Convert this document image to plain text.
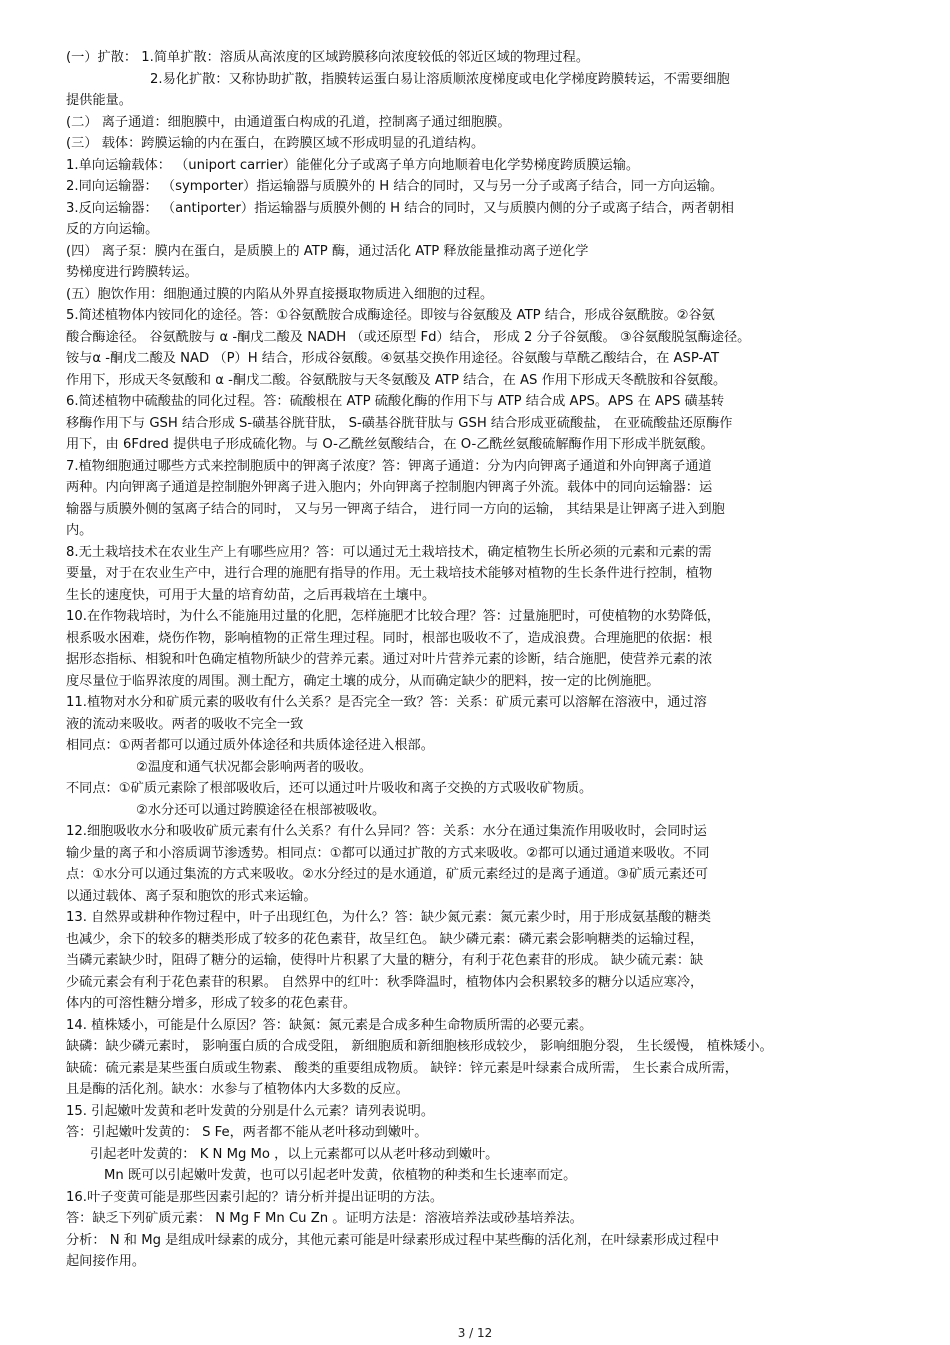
(一）扩散： 1.简单扩散：溶质从高浓度的区域跨膜移向浓度较低的邻近区域的物理过程。
2.易化扩散：又称协助扩散，指膜转运蛋白易让溶质顺浓度梯度或电化学梯度跨膜转运，不需要细胞
提供能量。
(二） 离子通道：细胞膜中，由通道蛋白构成的孔道，控制离子通过细胞膜。
(三） 载体：跨膜运输的内在蛋白，在跨膜区域不形成明显的孔道结构。
1.单向运输载体： （uniport carrier）能催化分子或离子单方向地顺着电化学势梯度跨质膜运输。
2.同向运输器： （symporter）指运输器与质膜外的 H 结合的同时，又与另一分子或离子结合，同一方向运输。
3.反向运输器： （antiporter）指运输器与质膜外侧的 H 结合的同时，又与质膜内侧的分子或离子结合，两者朝相
反的方向运输。
(四） 离子泵：膜内在蛋白，是质膜上的 ATP 酶，通过活化 ATP 释放能量推动离子逆化学
势梯度进行跨膜转运。
(五）胞饮作用：细胞通过膜的内陷从外界直接摄取物质进入细胞的过程。
5.简述植物体内铵同化的途径。答：①谷氨酰胺合成酶途径。即铵与谷氨酸及 ATP 结合，形成谷氨酰胺。②谷氨
酸合酶途径。 谷氨酰胺与 α -酮戊二酸及 NADH （或还原型 Fd）结合， 形成 2 分子谷氨酸。 ③谷氨酸脱氢酶途径。
铵与α -酮戊二酸及 NAD （P）H 结合，形成谷氨酸。④氨基交换作用途径。谷氨酸与草酰乙酸结合，在 ASP-AT
作用下，形成天冬氨酸和 α -酮戊二酸。谷氨酰胺与天冬氨酸及 ATP 结合，在 AS 作用下形成天冬酰胺和谷氨酸。
6.简述植物中硫酸盐的同化过程。答：硫酸根在 ATP 硫酸化酶的作用下与 ATP 结合成 APS。APS 在 APS 磺基转
移酶作用下与 GSH 结合形成 S-磺基谷胱苷肽， S-磺基谷胱苷肽与 GSH 结合形成亚硫酸盐， 在亚硫酸盐还原酶作
用下，由 6Fdred 提供电子形成硫化物。与 O-乙酰丝氨酸结合，在 O-乙酰丝氨酸硫解酶作用下形成半胱氨酸。
7.植物细胞通过哪些方式来控制胞质中的钾离子浓度？答：钾离子通道：分为内向钾离子通道和外向钾离子通道
两种。内向钾离子通道是控制胞外钾离子进入胞内；外向钾离子控制胞内钾离子外流。载体中的同向运输器：运
输器与质膜外侧的氢离子结合的同时， 又与另一钾离子结合， 进行同一方向的运输， 其结果是让钾离子进入到胞
内。
8.无土栽培技术在农业生产上有哪些应用？答：可以通过无土栽培技术，确定植物生长所必须的元素和元素的需
要量，对于在农业生产中，进行合理的施肥有指导的作用。无土栽培技术能够对植物的生长条件进行控制，植物
生长的速度快，可用于大量的培育幼苗，之后再栽培在土壤中。
10.在作物栽培时，为什么不能施用过量的化肥，怎样施肥才比较合理？答：过量施肥时，可使植物的水势降低，
根系吸水困难，烧伤作物，影响植物的正常生理过程。同时，根部也吸收不了，造成浪费。合理施肥的依据：根
据形态指标、相貌和叶色确定植物所缺少的营养元素。通过对叶片营养元素的诊断，结合施肥，使营养元素的浓
度尽量位于临界浓度的周围。测土配方，确定土壤的成分，从而确定缺少的肥料，按一定的比例施肥。
11.植物对水分和矿质元素的吸收有什么关系？是否完全一致？答：关系：矿质元素可以溶解在溶液中，通过溶
液的流动来吸收。两者的吸收不完全一致
相同点：①两者都可以通过质外体途径和共质体途径进入根部。
②温度和通气状况都会影响两者的吸收。
不同点：①矿质元素除了根部吸收后，还可以通过叶片吸收和离子交换的方式吸收矿物质。
②水分还可以通过跨膜途径在根部被吸收。
12.细胞吸收水分和吸收矿质元素有什么关系？有什么异同？答：关系：水分在通过集流作用吸收时，会同时运
输少量的离子和小溶质调节渗透势。相同点：①都可以通过扩散的方式来吸收。②都可以通过通道来吸收。不同
点：①水分可以通过集流的方式来吸收。②水分经过的是水通道，矿质元素经过的是离子通道。③矿质元素还可
以通过载体、离子泵和胞饮的形式来运输。
13. 自然界或耕种作物过程中，叶子出现红色，为什么？答：缺少氮元素：氮元素少时，用于形成氨基酸的糖类
也减少，余下的较多的糖类形成了较多的花色素苷，故呈红色。 缺少磷元素：磷元素会影响糖类的运输过程，
当磷元素缺少时，阻碍了糖分的运输，使得叶片积累了大量的糖分，有利于花色素苷的形成。 缺少硫元素：缺
少硫元素会有利于花色素苷的积累。 自然界中的红叶：秋季降温时，植物体内会积累较多的糖分以适应寒冷，
体内的可溶性糖分增多，形成了较多的花色素苷。
14. 植株矮小，可能是什么原因？答：缺氮：氮元素是合成多种生命物质所需的必要元素。
缺磷：缺少磷元素时， 影响蛋白质的合成受阻， 新细胞质和新细胞核形成较少， 影响细胞分裂， 生长缓慢， 植株矮小。
缺硫：硫元素是某些蛋白质或生物素、 酸类的重要组成物质。 缺锌：锌元素是叶绿素合成所需， 生长素合成所需，
且是酶的活化剂。缺水：水参与了植物体内大多数的反应。
15. 引起嫩叶发黄和老叶发黄的分别是什么元素？请列表说明。
答：引起嫩叶发黄的： S Fe，两者都不能从老叶移动到嫩叶。
引起老叶发黄的： K N Mg Mo ，以上元素都可以从老叶移动到嫩叶。
Mn 既可以引起嫩叶发黄，也可以引起老叶发黄，依植物的种类和生长速率而定。
16.叶子变黄可能是那些因素引起的？请分析并提出证明的方法。
答：缺乏下列矿质元素： N Mg F Mn Cu Zn 。证明方法是：溶液培养法或砂基培养法。
分析： N 和 Mg 是组成叶绿素的成分，其他元素可能是叶绿素形成过程中某些酶的活化剂，在叶绿素形成过程中
起间接作用。
3 / 12
